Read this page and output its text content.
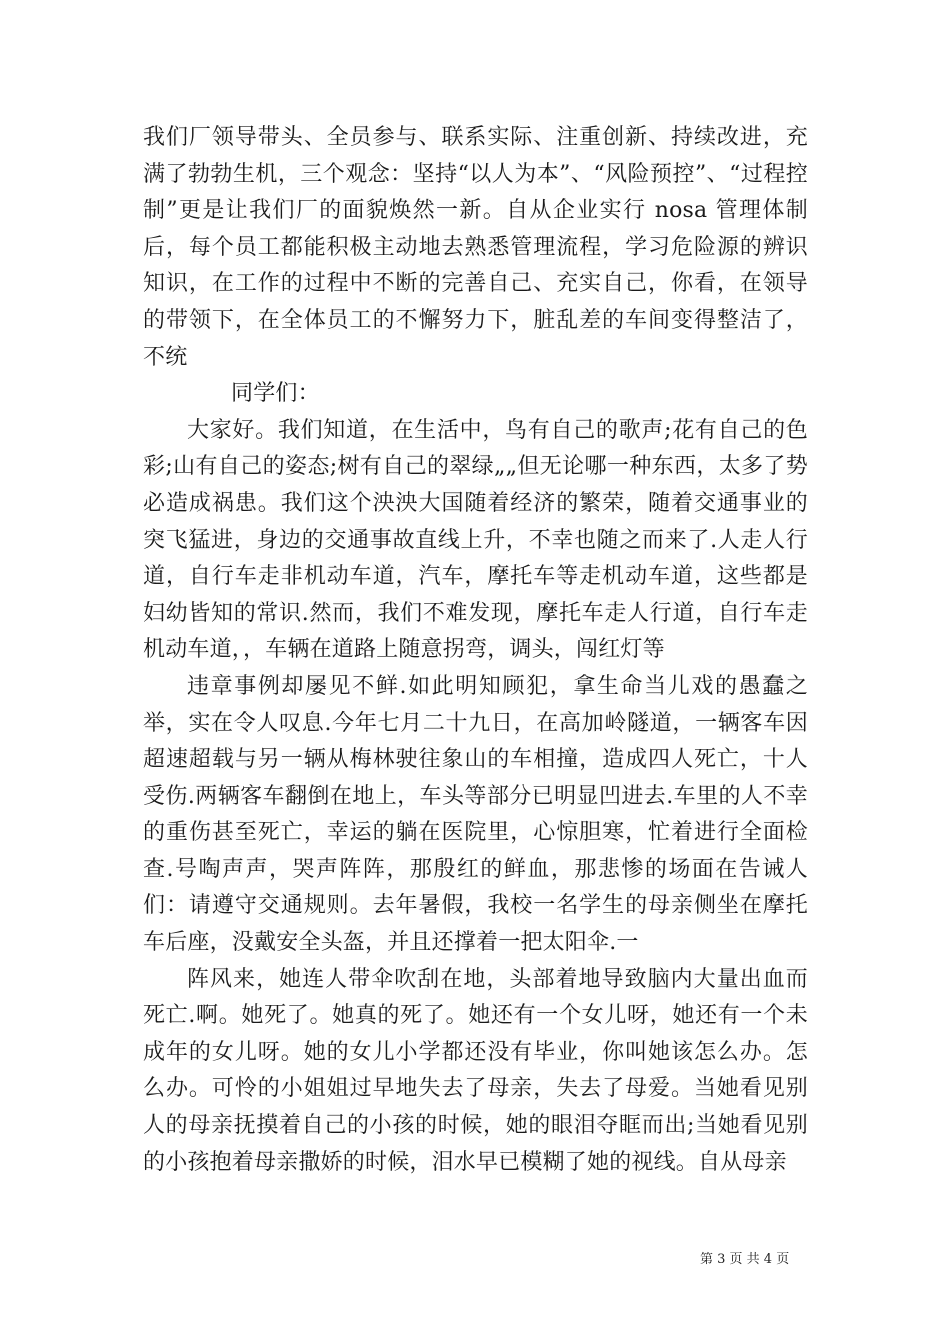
我们厂领导带头、全员参与、联系实际、注重创新、持续改进，充满了勃勃生机，三个观念：坚持“以人为本”、“风险预控”、“过程控制”更是让我们厂的面貌焕然一新。自从企业实行 nosa 管理体制后，每个员工都能积极主动地去熟悉管理流程，学习危险源的辨识知识，在工作的过程中不断的完善自己、充实自己，你看，在领导的带领下，在全体员工的不懈努力下，脏乱差的车间变得整洁了，不统

同学们：

大家好。我们知道，在生活中，鸟有自己的歌声;花有自己的色彩;山有自己的姿态;树有自己的翠绿„„但无论哪一种东西，太多了势必造成祸患。我们这个泱泱大国随着经济的繁荣，随着交通事业的突飞猛进，身边的交通事故直线上升，不幸也随之而来了.人走人行道，自行车走非机动车道，汽车，摩托车等走机动车道，这些都是妇幼皆知的常识.然而，我们不难发现，摩托车走人行道，自行车走机动车道，，车辆在道路上随意拐弯，调头，闯红灯等

违章事例却屡见不鲜.如此明知顾犯，拿生命当儿戏的愚蠢之举，实在令人叹息.今年七月二十九日，在高加岭隧道，一辆客车因超速超载与另一辆从梅林驶往象山的车相撞，造成四人死亡，十人受伤.两辆客车翻倒在地上，车头等部分已明显凹进去.车里的人不幸的重伤甚至死亡，幸运的躺在医院里，心惊胆寒，忙着进行全面检查.号啕声声，哭声阵阵，那殷红的鲜血，那悲惨的场面在告诫人们：请遵守交通规则。去年暑假，我校一名学生的母亲侧坐在摩托车后座，没戴安全头盔，并且还撑着一把太阳伞.一

阵风来，她连人带伞吹刮在地，头部着地导致脑内大量出血而死亡.啊。她死了。她真的死了。她还有一个女儿呀，她还有一个未成年的女儿呀。她的女儿小学都还没有毕业，你叫她该怎么办。怎么办。可怜的小姐姐过早地失去了母亲，失去了母爱。当她看见别人的母亲抚摸着自己的小孩的时候，她的眼泪夺眶而出;当她看见别的小孩抱着母亲撒娇的时候，泪水早已模糊了她的视线。自从母亲

第 3 页 共 4 页
